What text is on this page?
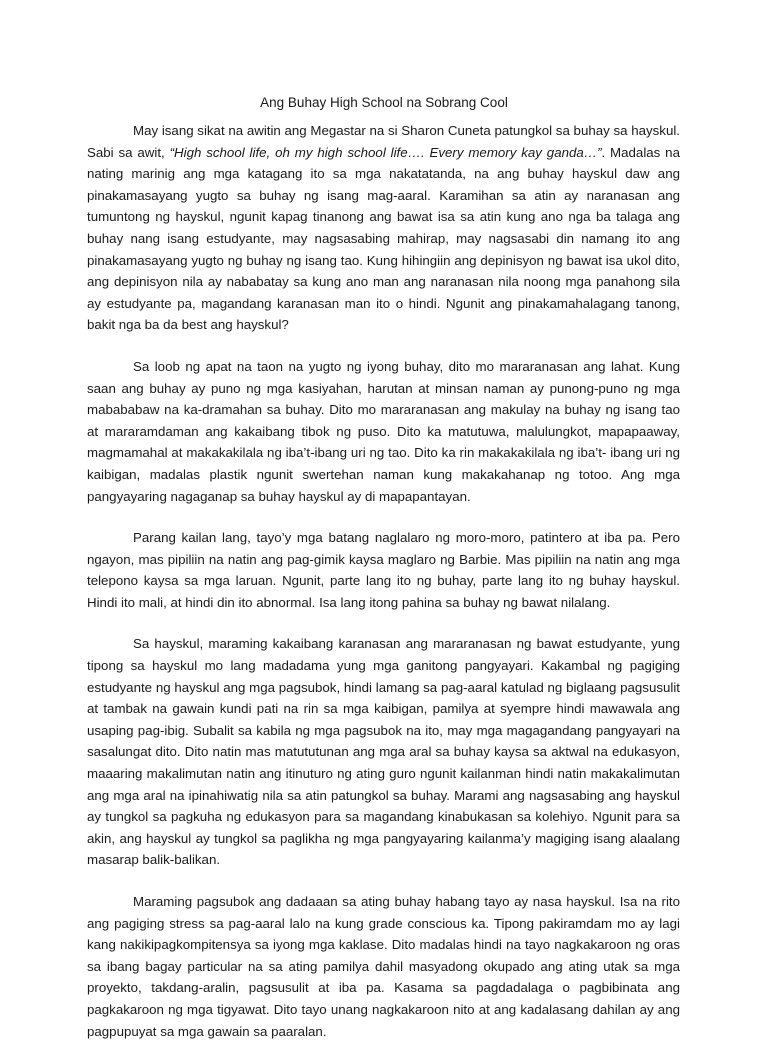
Ang Buhay High School na Sobrang Cool

May isang sikat na awitin ang Megastar na si Sharon Cuneta patungkol sa buhay sa hayskul. Sabi sa awit, “High school life, oh my high school life…. Every memory kay ganda…”. Madalas na nating marinig ang mga katagang ito sa mga nakatatanda, na ang buhay hayskul daw ang pinakamasayang yugto sa buhay ng isang mag-aaral. Karamihan sa atin ay naranasan ang tumuntong ng hayskul, ngunit kapag tinanong ang bawat isa sa atin kung ano nga ba talaga ang buhay nang isang estudyante, may nagsasabing mahirap, may nagsasabi din namang ito ang pinakamasayang yugto ng buhay ng isang tao. Kung hihingiin ang depinisyon ng bawat isa ukol dito, ang depinisyon nila ay nababatay sa kung ano man ang naranasan nila noong mga panahong sila ay estudyante pa, magandang karanasan man ito o hindi. Ngunit ang pinakamahalagang tanong, bakit nga ba da best ang hayskul?

Sa loob ng apat na taon na yugto ng iyong buhay, dito mo mararanasan ang lahat. Kung saan ang buhay ay puno ng mga kasiyahan, harutan at minsan naman ay punong-puno ng mga mabababaw na ka-dramahan sa buhay. Dito mo mararanasan ang makulay na buhay ng isang tao at mararamdaman ang kakaibang tibok ng puso. Dito ka matutuwa, malulungkot, mapapaaway, magmamahal at makakakilala ng iba’t-ibang uri ng tao. Dito ka rin makakakilala ng iba’t- ibang uri ng kaibigan, madalas plastik ngunit swertehan naman kung makakahanap ng totoo. Ang mga pangyayaring nagaganap sa buhay hayskul ay di mapapantayan.

Parang kailan lang, tayo’y mga batang naglalaro ng moro-moro, patintero at iba pa. Pero ngayon, mas pipiliin na natin ang pag-gimik kaysa maglaro ng Barbie. Mas pipiliin na natin ang mga telepono kaysa sa mga laruan. Ngunit, parte lang ito ng buhay, parte lang ito ng buhay hayskul. Hindi ito mali, at hindi din ito abnormal. Isa lang itong pahina sa buhay ng bawat nilalang.

Sa hayskul, maraming kakaibang karanasan ang mararanasan ng bawat estudyante, yung tipong sa hayskul mo lang madadama yung mga ganitong pangyayari. Kakambal ng pagiging estudyante ng hayskul ang mga pagsubok, hindi lamang sa pag-aaral katulad ng biglaang pagsusulit at tambak na gawain kundi pati na rin sa mga kaibigan, pamilya at syempre hindi mawawala ang usaping pag-ibig. Subalit sa kabila ng mga pagsubok na ito, may mga magagandang pangyayari na sasalungat dito. Dito natin mas matututunan ang mga aral sa buhay kaysa sa aktwal na edukasyon, maaaring makalimutan natin ang itinuturo ng ating guro ngunit kailanman hindi natin makakalimutan ang mga aral na ipinahiwatig nila sa atin patungkol sa buhay. Marami ang nagsasabing ang hayskul ay tungkol sa pagkuha ng edukasyon para sa magandang kinabukasan sa kolehiyo. Ngunit para sa akin, ang hayskul ay tungkol sa paglikha ng mga pangyayaring kailanma’y magiging isang alaalang masarap balik-balikan.

Maraming pagsubok ang dadaaan sa ating buhay habang tayo ay nasa hayskul. Isa na rito ang pagiging stress sa pag-aaral lalo na kung grade conscious ka. Tipong pakiramdam mo ay lagi kang nakikipagkompitensya sa iyong mga kaklase. Dito madalas hindi na tayo nagkakaroon ng oras sa ibang bagay particular na sa ating pamilya dahil masyadong okupado ang ating utak sa mga proyekto, takdang-aralin, pagsusulit at iba pa. Kasama sa pagdadalaga o pagbibinata ang pagkakaroon ng mga tigyawat. Dito tayo unang nagkakaroon nito at ang kadalasang dahilan ay ang pagpupuyat sa mga gawain sa paaralan.
